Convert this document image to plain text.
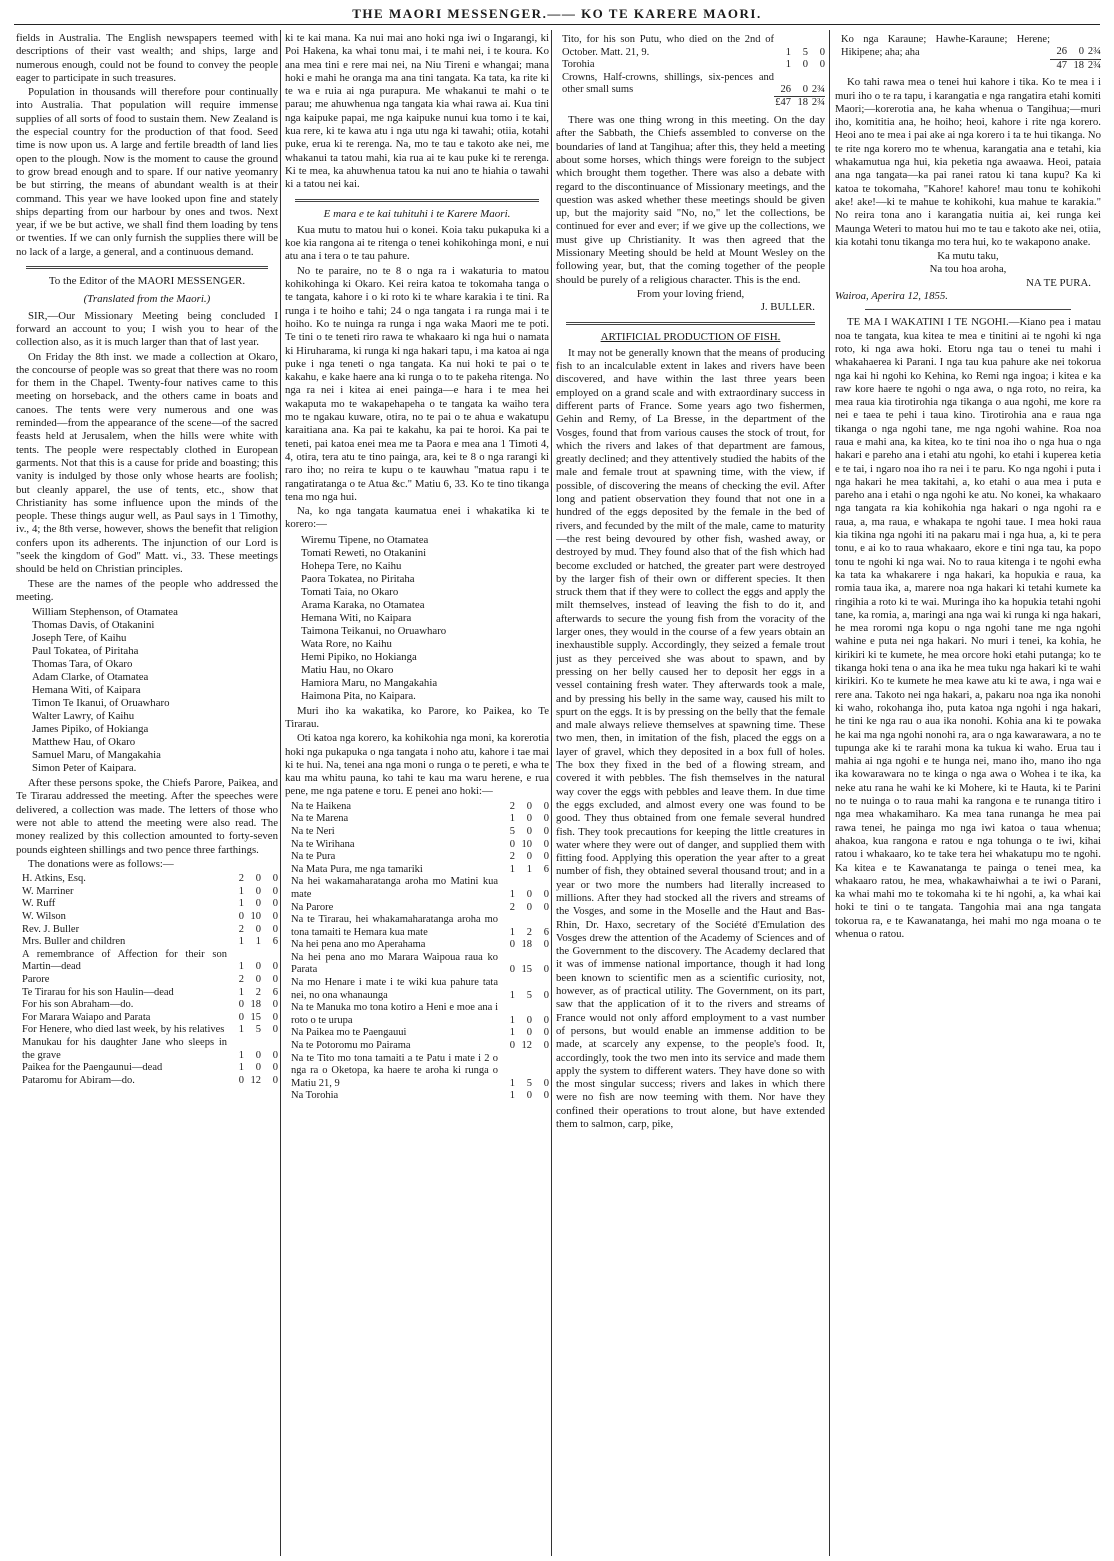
THE MAORI MESSENGER.—— KO TE KARERE MAORI.

fields in Australia. The English newspapers teemed with descriptions of their vast wealth; and ships, large and numerous enough, could not be found to convey the people eager to participate in such treasures.

Population in thousands will therefore pour continually into Australia. That population will require immense supplies of all sorts of food to sustain them. New Zealand is the especial country for the production of that food. Seed time is now upon us. A large and fertile breadth of land lies open to the plough. Now is the moment to cause the ground to grow bread enough and to spare. If our native yeomanry be but stirring, the means of abundant wealth is at their command. This year we have looked upon fine and stately ships departing from our harbour by ones and twos. Next year, if we be but active, we shall find them loading by tens or twenties. If we can only furnish the supplies there will be no lack of a large, a general, and a continuous demand.

To the Editor of the MAORI MESSENGER.
(Translated from the Maori.)

SIR,—Our Missionary Meeting being concluded I forward an account to you; I wish you to hear of the collection also, as it is much larger than that of last year.

On Friday the 8th inst. we made a collection at Okaro, the concourse of people was so great that there was no room for them in the Chapel. Twenty-four natives came to this meeting on horseback, and the others came in boats and canoes. The tents were very numerous and one was reminded—from the appearance of the scene—of the sacred feasts held at Jerusalem, when the hills were white with tents. The people were respectably clothed in European garments. Not that this is a cause for pride and boasting; this vanity is indulged by those only whose hearts are foolish; but cleanly apparel, the use of tents, etc., show that Christianity has some influence upon the minds of the people. These things augur well, as Paul says in 1 Timothy, iv., 4; the 8th verse, however, shows the benefit that religion confers upon its adherents. The injunction of our Lord is "seek the kingdom of God" Matt. vi., 33. These meetings should be held on Christian principles.

These are the names of the people who addressed the meeting.

William Stephenson, of Otamatea
Thomas Davis, of Otakanini
Joseph Tere, of Kaihu
Paul Tokatea, of Piritaha
Thomas Tara, of Okaro
Adam Clarke, of Otamatea
Hemana Witi, of Kaipara
Timon Te Ikanui, of Oruawharo
Walter Lawry, of Kaihu
James Pipiko, of Hokianga
Matthew Hau, of Okaro
Samuel Maru, of Mangakahia
Simon Peter of Kaipara.

After these persons spoke, the Chiefs Parore, Paikea, and Te Tirarau addressed the meeting. After the speeches were delivered, a collection was made. The letters of those who were not able to attend the meeting were also read. The money realized by this collection amounted to forty-seven pounds eighteen shillings and two pence three farthings.

The donations were as follows:—

H. Atkins, Esq.	2	0	0
W. Marriner	1	0	0
W. Ruff	1	0	0
W. Wilson	0	10	0
Rev. J. Buller	2	0	0
Mrs. Buller and children	1	1	6
A remembrance of Affection for their son Martin—dead	1	0	0
Parore	2	0	0
Te Tirarau for his son Haulin—dead	1	2	6
For his son Abraham—do.	0	18	0
For Marara Waiapo and Parata	0	15	0
For Henere, who died last week, by his relatives	1	5	0
Manukau for his daughter Jane who sleeps in the grave	1	0	0
Paikea for the Paengaunui—dead	1	0	0
Pataromu for Abiram—do.	0	12	0

ki te kai mana. Ka nui mai ano hoki nga iwi o Ingarangi, ki Poi Hakena, ka whai tonu mai, i te mahi nei, i te koura. Ko ana mea tini e rere mai nei, na Niu Tireni e whangai; mana hoki e mahi he oranga ma ana tini tangata. Ka tata, ka rite ki te wa e ruia ai nga purapura. Me whakanui te mahi o te parau; me ahuwhenua nga tangata kia whai rawa ai. Kua tini nga kaipuke papai, me nga kaipuke nunui kua tomo i te kai, kua rere, ki te kawa atu i nga utu nga ki tawahi; otiia, kotahi puke, erua ki te rerenga. Na, mo te tau e takoto ake nei, me whakanui ta tatou mahi, kia rua ai te kau puke ki te rerenga. Ki te mea, ka ahuwhenua tatou ka nui ano te hiahia o tawahi ki a tatou nei kai.

E mara e te kai tuhituhi i te Karere Maori.

Kua mutu to matou hui o konei. Koia taku pukapuka ki a koe kia rangona ai te ritenga o tenei kohikohinga moni, e nui atu ana i tera o te tau pahure.

No te paraire, no te 8 o nga ra i wakaturia to matou kohikohinga ki Okaro. Kei reira katoa te tokomaha tanga o te tangata, kahore i o ki roto ki te whare karakia i te tini. Ra runga i te hoiho e tahi; 24 o nga tangata i ra runga mai i te hoiho. Ko te nuinga ra runga i nga waka Maori me te poti. Te tini o te teneti riro rawa te whakaaro ki nga hui o namata ki Hiruharama, ki runga ki nga hakari tapu, i ma katoa ai nga puke i nga teneti o nga tangata. Ka nui hoki te pai o te kakahu, e kake haere ana ki runga o to te pakeha ritenga. No nga ra nei i kitea ai enei painga—e hara i te mea hei wakaputa mo te wakapehapeha o te tangata ka waiho tera mo te ngakau kuware, otira, no te pai o te ahua e wakatupu karaitiana ana. Ka pai te kakahu, ka pai te horoi. Ka pai te teneti, pai katoa enei mea me ta Paora e mea ana 1 Timoti 4, 4, otira, tera atu te tino painga, ara, kei te 8 o nga rarangi ki raro iho; no reira te kupu o te kauwhau "matua rapu i te rangatiratanga o te Atua &c." Matiu 6, 33. Ko te tino tikanga tena mo nga hui.

Na, ko nga tangata kaumatua enei i whakatika ki te korero:—

Wiremu Tipene, no Otamatea
Tomati Reweti, no Otakanini
Hohepa Tere, no Kaihu
Paora Tokatea, no Piritaha
Tomati Taia, no Okaro
Arama Karaka, no Otamatea
Hemana Witi, no Kaipara
Taimona Teikanui, no Oruawharo
Wata Rore, no Kaihu
Hemi Pipiko, no Hokianga
Matiu Hau, no Okaro
Hamiora Maru, no Mangakahia
Haimona Pita, no Kaipara.

Muri iho ka wakatika, ko Parore, ko Paikea, ko Te Tirarau.

Oti katoa nga korero, ka kohikohia nga moni, ka korerotia hoki nga pukapuka o nga tangata i noho atu, kahore i tae mai ki te hui. Na, tenei ana nga moni o runga o te pereti, e wha te kau ma whitu pauna, ko tahi te kau ma waru herene, e rua pene, me nga patene e toru. E penei ano hoki:—

Na te Haikena	2	0	0
Na te Marena	1	0	0
Na te Neri	5	0	0
Na te Wirihana	0	10	0
Na te Pura	2	0	0
Na Mata Pura, me nga tamariki	1	1	6
Na hei wakamaharatanga aroha mo Matini kua mate	1	0	0
Na Parore	2	0	0
Na te Tirarau, hei whakamaharatanga aroha mo tona tamaiti te Hemara kua mate	1	2	6
Na hei pena ano mo Aperahama	0	18	0
Na hei pena ano mo Marara Waipoua raua ko Parata	0	15	0
Na mo Henare i mate i te wiki kua pahure tata nei, no ona whanaunga	1	5	0
Na te Manuka mo tona kotiro a Heni e moe ana i roto o te urupa	1	0	0
Na Paikea mo te Paengauui	1	0	0
Na te Potoromu mo Pairama	0	12	0
Na te Tito mo tona tamaiti a te Patu i mate i 2 o nga ra o Oketopa, ka haere te aroha ki runga o Matiu 21, 9	1	5	0
Na Torohia	1	0	0
Tito, for his son Putu, who died on the 2nd of October. Matt. 21, 9.	1	5	0
Torohia	1	0	0
Crowns, Half-crowns, shillings, six-pences and other small sums	26	0	2¾
	£47	18	2¾

There was one thing wrong in this meeting. On the day after the Sabbath, the Chiefs assembled to converse on the boundaries of land at Tangihua; after this, they held a meeting about some horses, which things were foreign to the subject which brought them together. There was also a debate with regard to the discontinuance of Missionary meetings, and the question was asked whether these meetings should be given up, but the majority said "No, no," let the collections, be continued for ever and ever; if we give up the collections, we must give up Christianity. It was then agreed that the Missionary Meeting should be held at Mount Wesley on the following year, but, that the coming together of the people should be purely of a religious character. This is the end.

From your loving friend,
J. BULLER.
ARTIFICIAL PRODUCTION OF FISH.

It may not be generally known that the means of producing fish to an incalculable extent in lakes and rivers have been discovered, and have within the last three years been employed on a grand scale and with extraordinary success in different parts of France. Some years ago two fishermen, Gehin and Remy, of La Bresse, in the department of the Vosges, found that from various causes the stock of trout, for which the rivers and lakes of that department are famous, greatly declined; and they attentively studied the habits of the male and female trout at spawning time, with the view, if possible, of discovering the means of checking the evil. After long and patient observation they found that not one in a hundred of the eggs deposited by the female in the bed of rivers, and fecunded by the milt of the male, came to maturity—the rest being devoured by other fish, washed away, or destroyed by mud. They found also that of the fish which had become excluded or hatched, the greater part were destroyed by the larger fish of their own or different species. It then struck them that if they were to collect the eggs and apply the milt themselves, instead of leaving the fish to do it, and afterwards to secure the young fish from the voracity of the larger ones, they would in the course of a few years obtain an inexhaustible supply. Accordingly, they seized a female trout just as they perceived she was about to spawn, and by pressing on her belly caused her to deposit her eggs in a vessel containing fresh water. They afterwards took a male, and by pressing his belly in the same way, caused his milt to spurt on the eggs. It is by pressing on the belly that the female and male always relieve themselves at spawning time. These two men, then, in imitation of the fish, placed the eggs on a layer of gravel, which they deposited in a box full of holes. The box they fixed in the bed of a flowing stream, and covered it with pebbles. The fish themselves in the natural way cover the eggs with pebbles and leave them. In due time the eggs excluded, and almost every one was found to be good. They thus obtained from one female several hundred fish. They took precautions for keeping the little creatures in water where they were out of danger, and supplied them with fitting food. Applying this operation the year after to a great number of fish, they obtained several thousand trout; and in a year or two more the numbers had literally increased to millions. After they had stocked all the rivers and streams of the Vosges, and some in the Moselle and the Haut and Bas-Rhin, Dr. Haxo, secretary of the Société d'Emulation des Vosges drew the attention of the Academy of Sciences and of the Government to the discovery. The Academy declared that it was of immense national importance, though it had long been known to scientific men as a scientific curiosity, not, however, as of practical utility. The Government, on its part, saw that the application of it to the rivers and streams of France would not only afford employment to a vast number of persons, but would enable an immense addition to be made, at scarcely any expense, to the people's food. It, accordingly, took the two men into its service and made them apply the system to different waters. They have done so with the most singular success; rivers and lakes in which there were no fish are now teeming with them. Nor have they confined their operations to trout alone, but have extended them to salmon, carp, pike,

Ko nga Karaune; Hawhe-Karaune; Herene; Hikipene; aha; aha	26	0	2¾
	47	18	2¾

Ko tahi rawa mea o tenei hui kahore i tika. Ko te mea i i muri iho o te ra tapu, i karangatia e nga rangatira etahi komiti Maori;—korerotia ana, he kaha whenua o Tangihua;—muri iho, komititia ana, he hoiho; heoi, kahore i rite nga korero. Heoi ano te mea i pai ake ai nga korero i ta te hui tikanga. No te rite nga korero mo te whenua, karangatia ana e tetahi, kia whakamutua nga hui, kia peketia nga awaawa. Heoi, pataia ana nga tangata—ka pai ranei ratou ki tana kupu? Ka ki katoa te tokomaha, "Kahore! kahore! mau tonu te kohikohi ake! ake!—ki te mahue te kohikohi, kua mahue te karakia." No reira tona ano i karangatia nuitia ai, kei runga kei Maunga Weteri to matou hui mo te tau e takoto ake nei, otiia, kia kotahi tonu tikanga mo tera hui, ko te wakapono anake.

Ka mutu taku,
Na tou hoa aroha,
NA TE PURA.
Wairoa, Aperira 12, 1855.

TE MA I WAKATINI I TE NGOHI.—Kiano pea i matau noa te tangata, kua kitea te mea e tinitini ai te ngohi ki nga roto, ki nga awa hoki. Etoru nga tau o tenei tu mahi i whakahaerea ki Parani. I nga tau kua pahure ake nei tokorua nga kai hi ngohi ko Kehina, ko Remi nga ingoa; i kitea e ka raw kore haere te ngohi o nga awa, o nga roto, no reira, ka mea raua kia tirotirohia nga tikanga o aua ngohi, me kore ra nei e taea te pehi i taua kino. Tirotirohia ana e raua nga tikanga o nga ngohi tane, me nga ngohi wahine. Roa noa raua e mahi ana, ka kitea, ko te tini noa iho o nga hua o nga hakari e pareho ana i etahi atu ngohi, ko etahi i kuperea ketia e te tai, i ngaro noa iho ra nei i te paru. Ko nga ngohi i puta i nga hakari he mea takitahi, a, ko etahi o aua mea i puta e pareho ana i etahi o nga ngohi ke atu. No konei, ka whakaaro nga tangata ra kia kohikohia nga hakari o nga ngohi ra e raua, a, ma raua, e whakapa te ngohi taue. I mea hoki raua kia tikina nga ngohi iti na pakaru mai i nga hua, a, ki te pera tonu, e ai ko to raua whakaaro, ekore e tini nga tau, ka popo tonu te ngohi ki nga wai. No to raua kitenga i te ngohi ewha ka tata ka whakarere i nga hakari, ka hopukia e raua, ka romia taua ika, a, marere noa nga hakari ki tetahi kumete ka ringihia a roto ki te wai. Muringa iho ka hopukia tetahi ngohi tane, ka romia, a, maringi ana nga wai ki runga ki nga hakari, he mea roromi nga kopu o nga ngohi tane me nga ngohi wahine e puta nei nga hakari. No muri i tenei, ka kohia, he kirikiri ki te kumete, he mea orcore hoki etahi putanga; ko te tikanga hoki tena o ana ika he mea tuku nga hakari ki te wahi kirikiri. Ko te kumete he mea kawe atu ki te awa, i nga wai e rere ana. Takoto nei nga hakari, a, pakaru noa nga ika nonohi ki waho, rokohanga iho, puta katoa nga ngohi i nga hakari, he tini ke nga rau o aua ika nonohi. Kohia ana ki te powaka he kai ma nga ngohi nonohi ra, ara o nga kawarawara, a no te tupunga ake ki te rarahi mona ka tukua ki waho. Erua tau i mahia ai nga ngohi e te hunga nei, mano iho, mano iho nga ika kowarawara no te kinga o nga awa o Wohea i te ika, ka neke atu rana he wahi ke ki Mohere, ki te Hauta, ki te Parini no te nuinga o to raua mahi ka rangona e te runanga titiro i nga mea whakamiharo. Ka mea tana runanga he mea pai rawa tenei, he painga mo nga iwi katoa o taua whenua; ahakoa, kua rangona e ratou e nga tohunga o te iwi, kihai ratou i whakaaro, ko te take tera hei whakatupu mo te ngohi. Ka kitea e te Kawanatanga te painga o tenei mea, ka whakaaro ratou, he mea, whakawhaiwhai a te iwi o Parani, ka whai mahi mo te tokomaha ki te hi ngohi, a, ka whai kai hoki te tini o te tangata. Tangohia mai ana nga tangata tokorua ra, e te Kawanatanga, hei mahi mo nga moana o te whenua o ratou.
